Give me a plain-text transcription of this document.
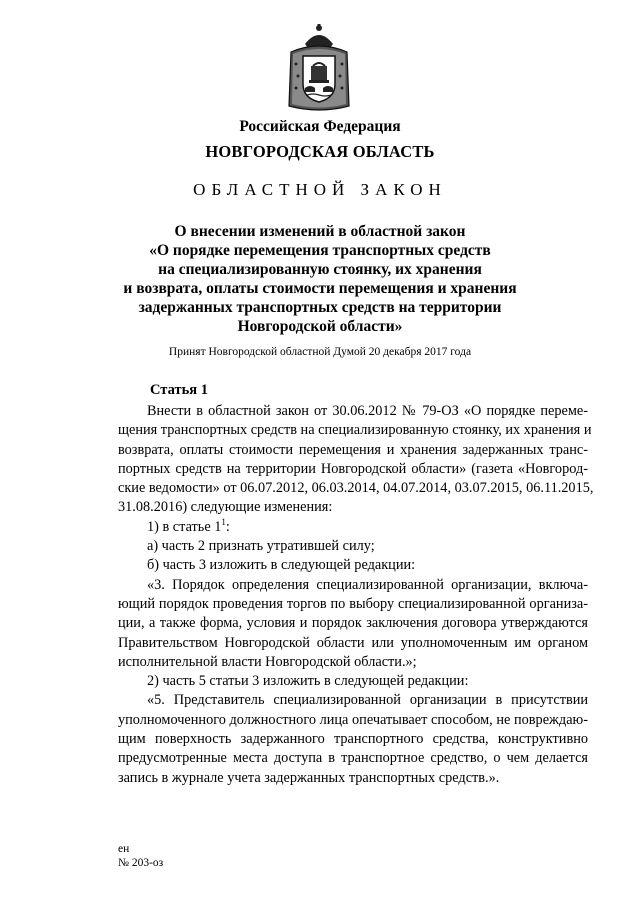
Российская Федерация
НОВГОРОДСКАЯ ОБЛАСТЬ
ОБЛАСТНОЙ ЗАКОН
О внесении изменений в областной закон
«О порядке перемещения транспортных средств
на специализированную стоянку, их хранения
и возврата, оплаты стоимости перемещения и хранения
задержанных транспортных средств на территории
Новгородской области»
Принят Новгородской областной Думой 20 декабря 2017 года
Статья 1
Внести в областной закон от 30.06.2012 № 79-ОЗ «О порядке переме-
щения транспортных средств на специализированную стоянку, их хранения и
возврата, оплаты стоимости перемещения и хранения задержанных транс-
портных средств на территории Новгородской области» (газета «Новгород-
ские ведомости» от 06.07.2012, 06.03.2014, 04.07.2014, 03.07.2015, 06.11.2015,
31.08.2016) следующие изменения:
1) в статье $1^1$:
а) часть 2 признать утратившей силу;
б) часть 3 изложить в следующей редакции:
«3. Порядок определения специализированной организации, включа-
ющий порядок проведения торгов по выбору специализированной организа-
ции, а также форма, условия и порядок заключения договора утверждаются
Правительством Новгородской области или уполномоченным им органом
исполнительной власти Новгородской области.»;
2) часть 5 статьи 3 изложить в следующей редакции:
«5. Представитель специализированной организации в присутствии
уполномоченного должностного лица опечатывает способом, не повреждаю-
щим поверхность задержанного транспортного средства, конструктивно
предусмотренные места доступа в транспортное средство, о чем делается
запись в журнале учета задержанных транспортных средств.».
ен
№ 203-оз
